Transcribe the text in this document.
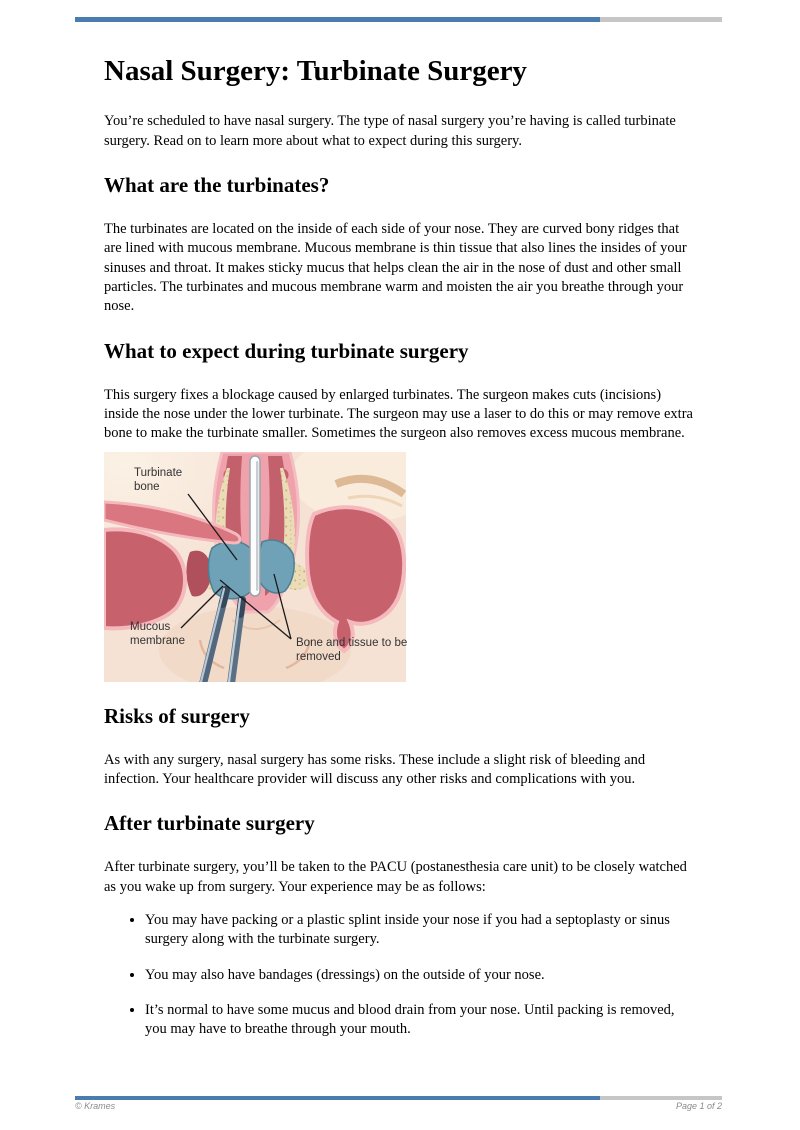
Nasal Surgery: Turbinate Surgery

You’re scheduled to have nasal surgery. The type of nasal surgery you’re having is called turbinate surgery. Read on to learn more about what to expect during this surgery.

What are the turbinates?

The turbinates are located on the inside of each side of your nose. They are curved bony ridges that are lined with mucous membrane. Mucous membrane is thin tissue that also lines the insides of your sinuses and throat. It makes sticky mucus that helps clean the air in the nose of dust and other small particles. The turbinates and mucous membrane warm and moisten the air you breathe through your nose.

What to expect during turbinate surgery

This surgery fixes a blockage caused by enlarged turbinates. The surgeon makes cuts (incisions) inside the nose under the lower turbinate. The surgeon may use a laser to do this or may remove extra bone to make the turbinate smaller. Sometimes the surgeon also removes excess mucous membrane.

Turbinate bone
Mucous membrane	Bone and tissue to be removed
Risks of surgery

As with any surgery, nasal surgery has some risks. These include a slight risk of bleeding and infection. Your healthcare provider will discuss any other risks and complications with you.

After turbinate surgery

After turbinate surgery, you’ll be taken to the PACU (postanesthesia care unit) to be closely watched as you wake up from surgery. Your experience may be as follows:

• You may have packing or a plastic splint inside your nose if you had a septoplasty or sinus surgery along with the turbinate surgery.
• You may also have bandages (dressings) on the outside of your nose.
• It’s normal to have some mucus and blood drain from your nose. Until packing is removed, you may have to breathe through your mouth.
© Krames	Page 1 of 2
